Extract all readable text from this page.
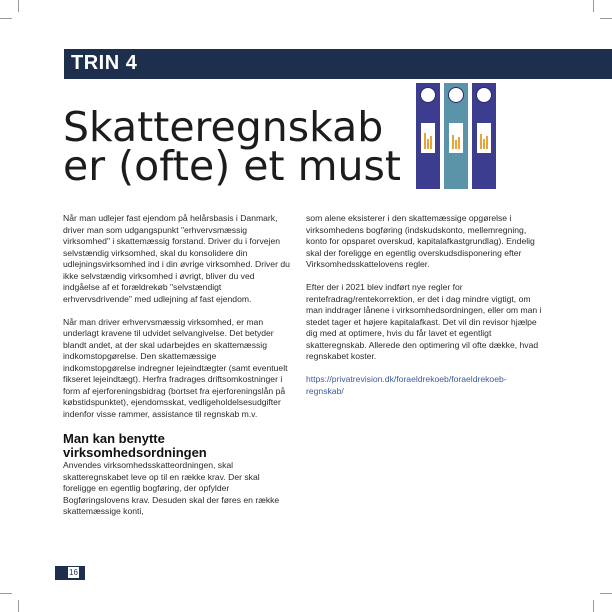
TRIN 4
Skatteregnskab
er (ofte) et must

Når man udlejer fast ejendom på helårsbasis i Danmark, driver man som udgangspunkt "erhvervsmæssig virksomhed" i skattemæssig forstand. Driver du i forvejen selvstændig virksomhed, skal du konsolidere din udlejningsvirksomhed ind i din øvrige virksomhed. Driver du ikke selvstændig virksomhed i øvrigt, bliver du ved indgåelse af et forældrekøb "selvstændigt erhvervsdrivende" med udlejning af fast ejendom.

Når man driver erhvervsmæssig virksomhed, er man underlagt kravene til udvidet selvangivelse. Det betyder blandt andet, at der skal udarbejdes en skattemæssig indkomstopgørelse. Den skattemæssige indkomstopgørelse indregner lejeindtægter (samt eventuelt fikseret lejeindtægt). Herfra fradrages driftsomkostninger i form af ejerforeningsbidrag (bortset fra ejerforeningslån på købstidspunktet), ejendomsskat, vedligeholdelsesudgifter indenfor visse rammer, assistance til regnskab m.v.

Man kan benytte virksomhedsordningen

Anvendes virksomhedsskatteordningen, skal skatteregnskabet leve op til en række krav. Der skal foreligge en egentlig bogføring, der opfylder Bogføringslovens krav. Desuden skal der føres en række skattemæssige konti,

som alene eksisterer i den skattemæssige opgørelse i virksomhedens bogføring (indskudskonto, mellemregning, konto for opsparet overskud, kapitalafkastgrundlag). Endelig skal der foreligge en egentlig overskudsdisponering efter Virksomhedsskattelovens regler.

Efter der i 2021 blev indført nye regler for rentefradrag/rentekorrektion, er det i dag mindre vigtigt, om man inddrager lånene i virksomhedsordningen, eller om man i stedet tager et højere kapitalafkast. Det vil din revisor hjælpe dig med at optimere, hvis du får lavet et egentligt skatteregnskab. Allerede den optimering vil ofte dække, hvad regnskabet koster.

https://privatrevision.dk/foraeldrekoeb/foraeldrekoeb-regnskab/

16
